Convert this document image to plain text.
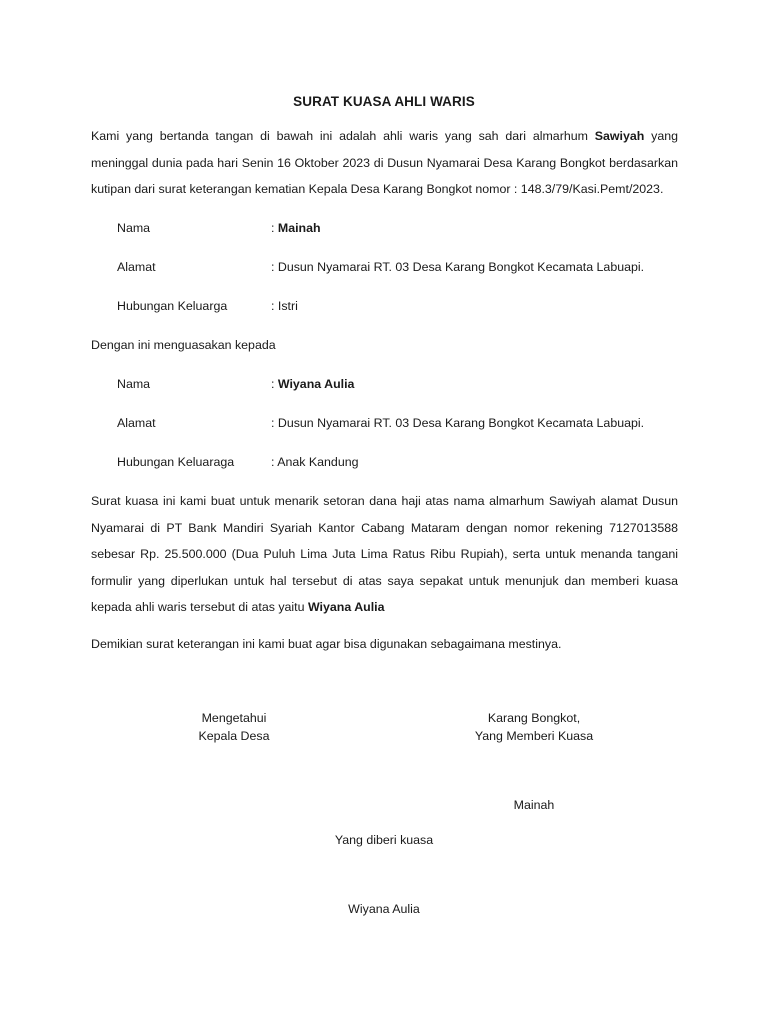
SURAT KUASA AHLI WARIS
Kami yang bertanda tangan di bawah ini adalah ahli waris yang sah dari almarhum Sawiyah yang
meninggal dunia pada hari Senin 16 Oktober 2023 di Dusun Nyamarai Desa Karang Bongkot berdasarkan
kutipan dari surat keterangan kematian Kepala Desa Karang Bongkot nomor : 148.3/79/Kasi.Pemt/2023.
Nama	: Mainah
Alamat	: Dusun Nyamarai RT. 03 Desa Karang Bongkot Kecamata Labuapi.
Hubungan Keluarga	: Istri
Dengan ini menguasakan kepada
Nama	: Wiyana Aulia
Alamat	: Dusun Nyamarai RT. 03 Desa Karang Bongkot Kecamata Labuapi.
Hubungan Keluaraga	: Anak Kandung
Surat kuasa ini kami buat untuk menarik setoran dana haji atas nama almarhum Sawiyah alamat Dusun
Nyamarai di PT Bank Mandiri Syariah Kantor Cabang Mataram dengan nomor rekening 7127013588
sebesar Rp. 25.500.000 (Dua Puluh Lima Juta Lima Ratus Ribu Rupiah), serta untuk menanda tangani
formulir yang diperlukan untuk hal tersebut di atas saya sepakat untuk menunjuk dan memberi kuasa
kepada ahli waris tersebut di atas yaitu Wiyana Aulia
Demikian surat keterangan ini kami buat agar bisa digunakan sebagaimana mestinya.
Mengetahui
Kepala Desa
Karang Bongkot,
Yang Memberi Kuasa
Mainah
Yang diberi kuasa
Wiyana Aulia
